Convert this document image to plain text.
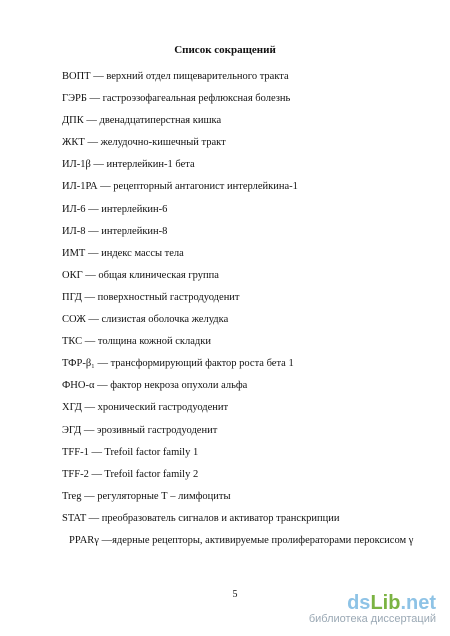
Список сокращений
ВОПТ — верхний отдел пищеварительного тракта
ГЭРБ — гастроэзофагеальная рефлюксная болезнь
ДПК — двенадцатиперстная кишка
ЖКТ — желудочно-кишечный тракт
ИЛ-1β — интерлейкин-1 бета
ИЛ-1РА — рецепторный антагонист интерлейкина-1
ИЛ-6 — интерлейкин-6
ИЛ-8 — интерлейкин-8
ИМТ — индекс массы тела
ОКГ — общая клиническая группа
ПГД — поверхностный гастродуоденит
СОЖ — слизистая оболочка желудка
ТКС — толщина кожной складки
ТФР-β₁ — трансформирующий фактор роста бета 1
ФНО-α — фактор некроза опухоли альфа
ХГД — хронический гастродуоденит
ЭГД — эрозивный гастродуоденит
TFF-1 — Trefoil factor family 1
TFF-2 — Trefoil factor family 2
Treg — регуляторные Т – лимфоциты
STAT — преобразователь сигналов и активатор транскрипции
PPARγ —ядерные рецепторы, активируемые пролифераторами пероксисом γ
5	dsLib.net
библиотека диссертаций
